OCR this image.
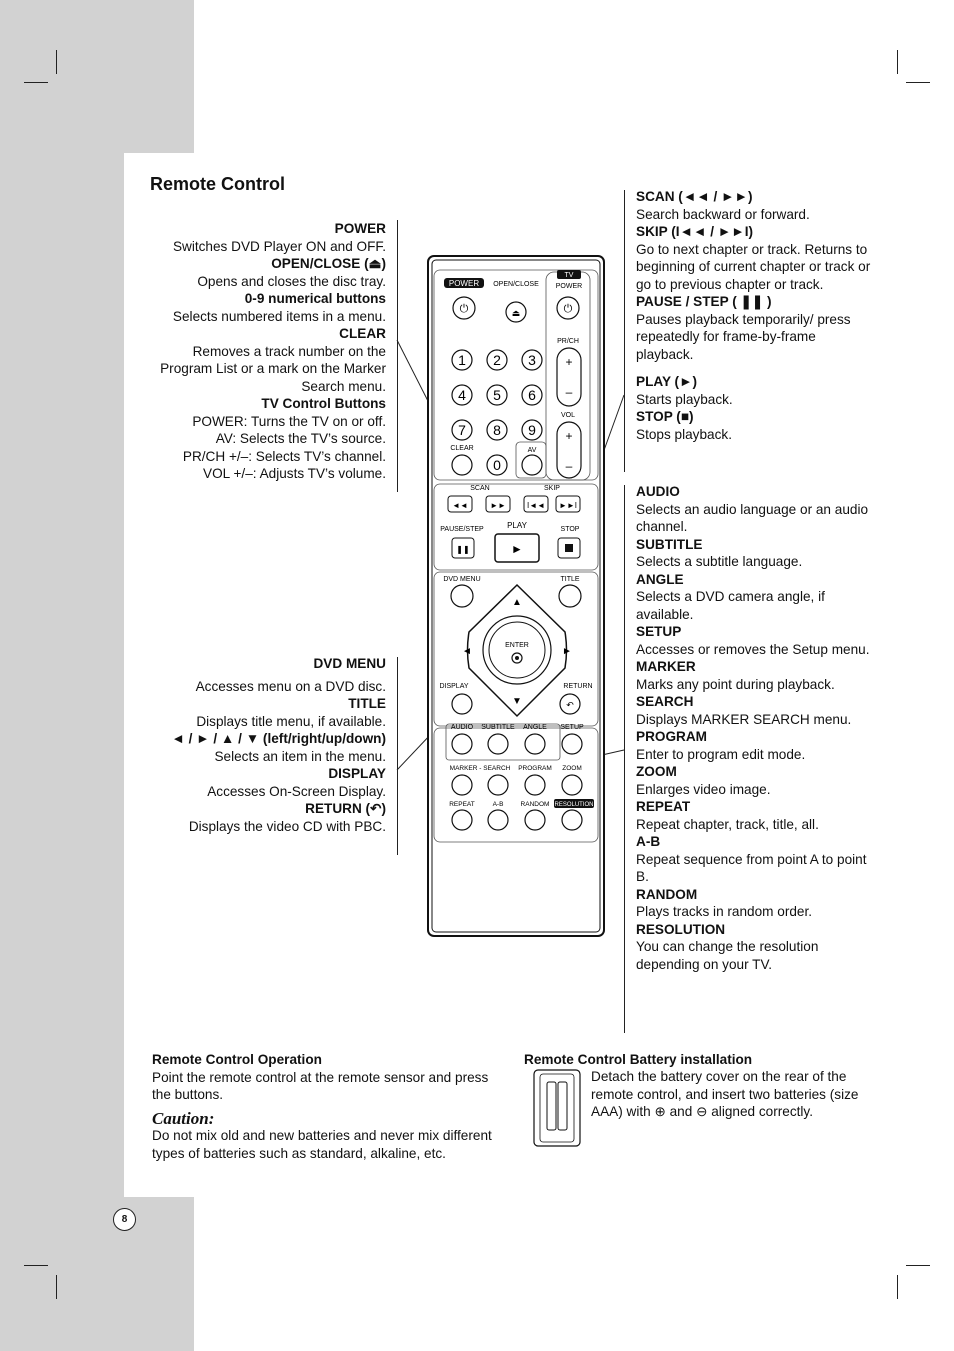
Remote Control
POWER
Switches DVD Player ON and OFF.
OPEN/CLOSE (⏏)
Opens and closes the disc tray.
0-9 numerical buttons
Selects numbered items in a menu.
CLEAR
Removes a track number on the Program List or a mark on the Marker Search menu.
TV Control Buttons
POWER: Turns the TV on or off.
AV: Selects the TV’s source.
PR/CH +/–: Selects TV’s channel.
VOL +/–: Adjusts TV’s volume.
DVD MENU
Accesses menu on a DVD disc.
TITLE
Displays title menu, if available.
◄ / ► / ▲ / ▼ (left/right/up/down)
Selects an item in the menu.
DISPLAY
Accesses On-Screen Display.
RETURN (↶)
Displays the video CD with PBC.
SCAN (◄◄ / ►►)
Search backward or forward.
SKIP (I◄◄ / ►►I)
Go to next chapter or track. Returns to beginning of current chapter or track or go to previous chapter or track.
PAUSE / STEP ( ❚❚ )
Pauses playback temporarily/ press repeatedly for frame-by-frame playback.
PLAY (►)
Starts playback.
STOP (■)
Stops playback.
AUDIO
Selects an audio language or an audio channel.
SUBTITLE
Selects a subtitle language.
ANGLE
Selects a DVD camera angle, if available.
SETUP
Accesses or removes the Setup menu.
MARKER
Marks any point during playback.
SEARCH
Displays MARKER SEARCH menu.
PROGRAM
Enter to program edit mode.
ZOOM
Enlarges video image.
REPEAT
Repeat chapter, track, title, all.
A-B
Repeat sequence from point A to point B.
RANDOM
Plays tracks in random order.
RESOLUTION
You can change the resolution depending on your TV.
POWER OPEN/CLOSE
TV
POWER
⏻	⏏	⏻
1 2 3
4 5 6
7 8 9
0
CLEAR	AV
PR/CH
+
–
VOL
+
–
SCAN	SKIP
◄◄	►►	I◄◄ ►►I
PAUSE/STEP	PLAY	STOP
❚❚	►
DVD MENU	TITLE
ENTER
▲
▼
◄	►
DISPLAY	RETURN
↶
AUDIO SUBTITLE ANGLE SETUP
MARKER - SEARCH PROGRAM ZOOM
REPEAT	A-B	RANDOM RESOLUTION
Remote Control Operation
Point the remote control at the remote sensor and press the buttons.
Caution:
Do not mix old and new batteries and never mix different types of batteries such as standard, alkaline, etc.
Remote Control Battery installation
Detach the battery cover on the rear of the remote control, and insert two batteries (size AAA) with ⊕ and ⊖ aligned correctly.
8
